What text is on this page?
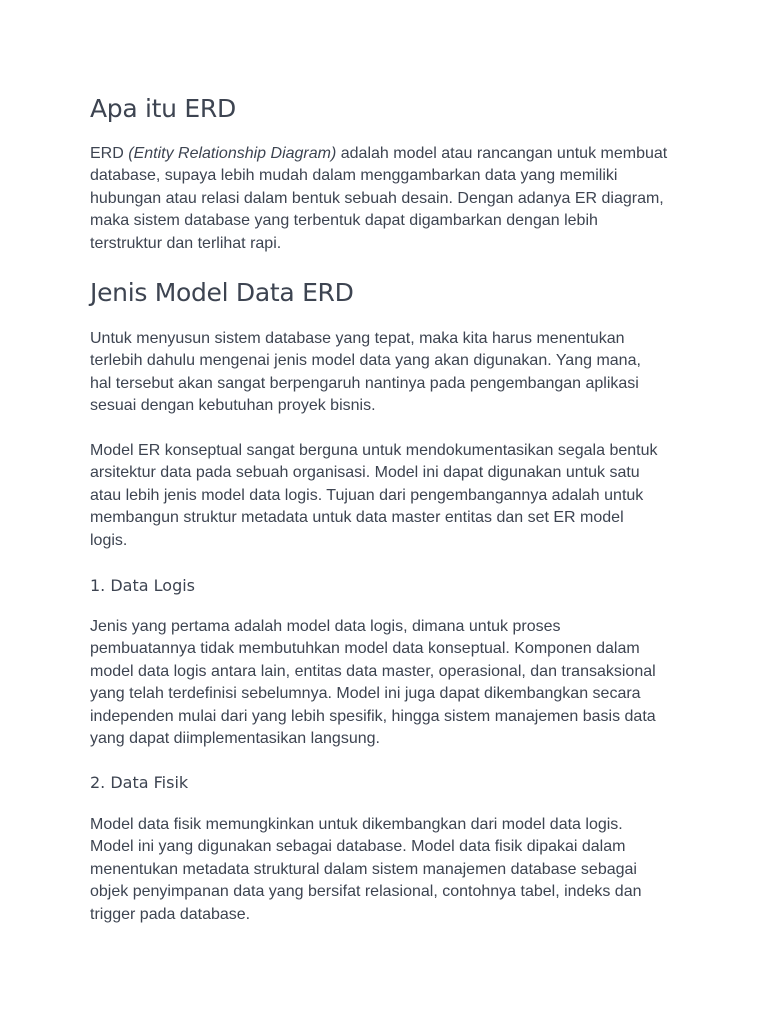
Apa itu ERD

ERD (Entity Relationship Diagram) adalah model atau rancangan untuk membuat
database, supaya lebih mudah dalam menggambarkan data yang memiliki
hubungan atau relasi dalam bentuk sebuah desain. Dengan adanya ER diagram,
maka sistem database yang terbentuk dapat digambarkan dengan lebih
terstruktur dan terlihat rapi.

Jenis Model Data ERD

Untuk menyusun sistem database yang tepat, maka kita harus menentukan
terlebih dahulu mengenai jenis model data yang akan digunakan. Yang mana,
hal tersebut akan sangat berpengaruh nantinya pada pengembangan aplikasi
sesuai dengan kebutuhan proyek bisnis.

Model ER konseptual sangat berguna untuk mendokumentasikan segala bentuk
arsitektur data pada sebuah organisasi. Model ini dapat digunakan untuk satu
atau lebih jenis model data logis. Tujuan dari pengembangannya adalah untuk
membangun struktur metadata untuk data master entitas dan set ER model
logis.

1. Data Logis

Jenis yang pertama adalah model data logis, dimana untuk proses
pembuatannya tidak membutuhkan model data konseptual. Komponen dalam
model data logis antara lain, entitas data master, operasional, dan transaksional
yang telah terdefinisi sebelumnya. Model ini juga dapat dikembangkan secara
independen mulai dari yang lebih spesifik, hingga sistem manajemen basis data
yang dapat diimplementasikan langsung.

2. Data Fisik

Model data fisik memungkinkan untuk dikembangkan dari model data logis.
Model ini yang digunakan sebagai database. Model data fisik dipakai dalam
menentukan metadata struktural dalam sistem manajemen database sebagai
objek penyimpanan data yang bersifat relasional, contohnya tabel, indeks dan
trigger pada database.
